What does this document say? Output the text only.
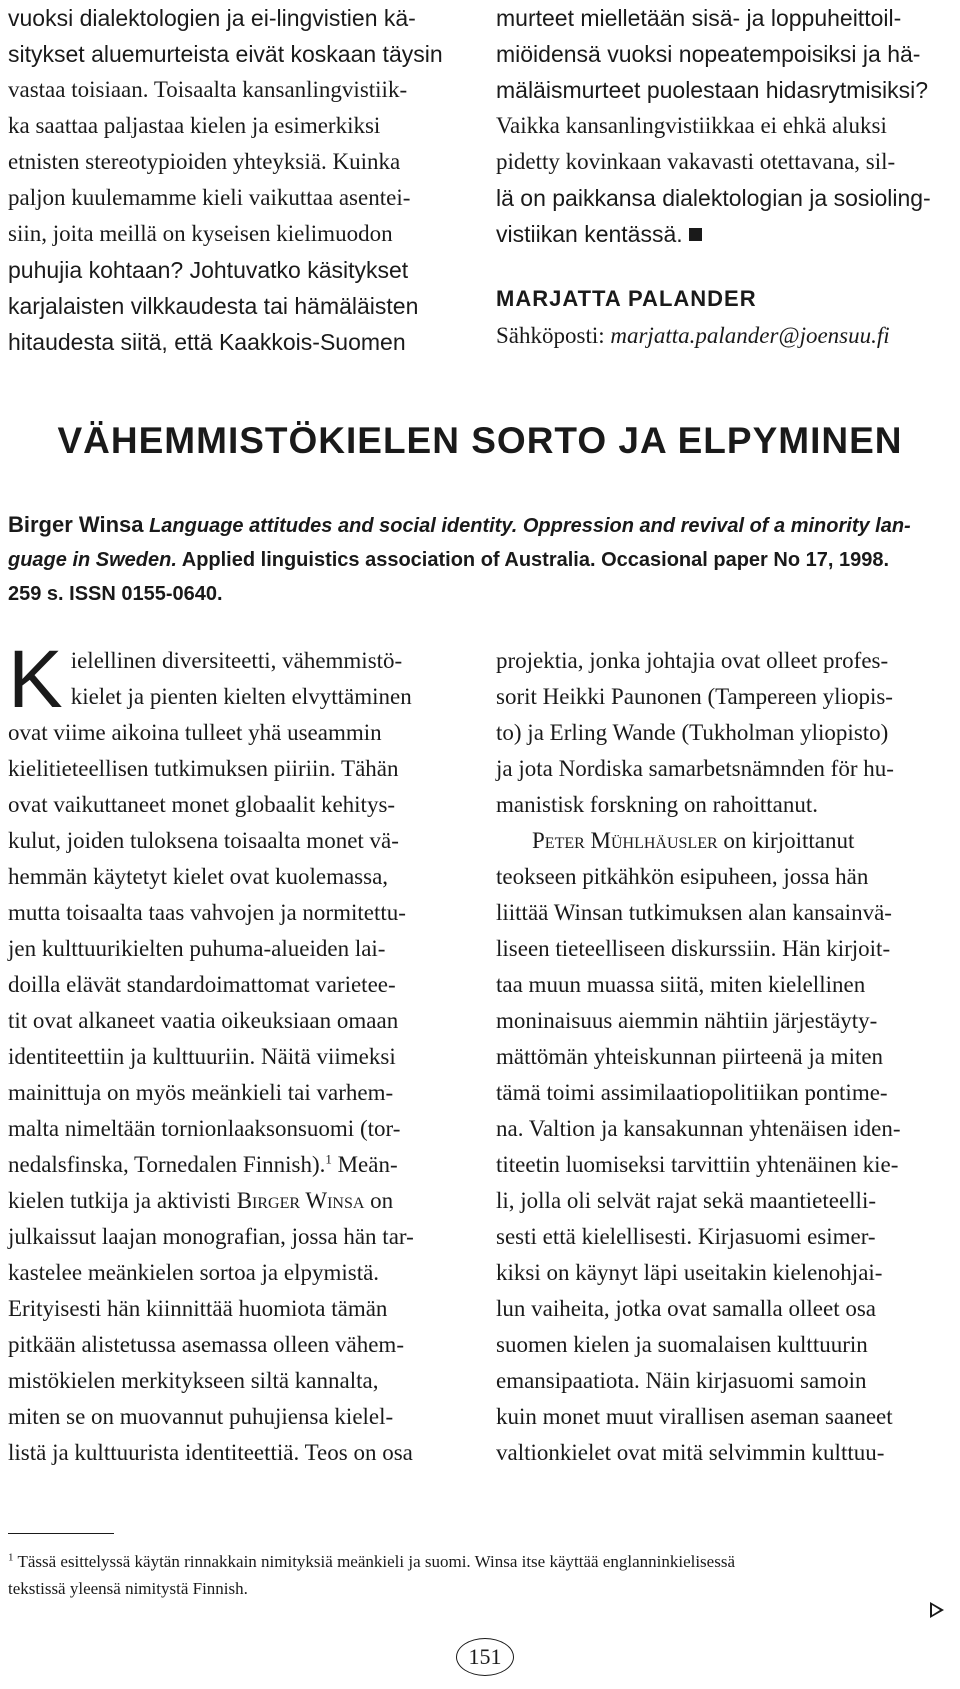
vuoksi dialektologien ja ei-lingvistien kä-

sitykset aluemurteista eivät koskaan täysin

vastaa toisiaan. Toisaalta kansanlingvistiik-

ka saattaa paljastaa kielen ja esimerkiksi

etnisten stereotypioiden yhteyksiä. Kuinka

paljon kuulemamme kieli vaikuttaa asentei-

siin, joita meillä on kyseisen kielimuodon

puhujia kohtaan? Johtuvatko käsitykset

karjalaisten vilkkaudesta tai hämäläisten

hitaudesta siitä, että Kaakkois-Suomen

murteet mielletään sisä- ja loppuheittoil-

miöidensä vuoksi nopeatempoisiksi ja hä-

mäläismurteet puolestaan hidasrytmisiksi?

Vaikka kansanlingvistiikkaa ei ehkä aluksi

pidetty kovinkaan vakavasti otettavana, sil-

lä on paikkansa dialektologian ja sosioling-

vistiikan kentässä.

MARJATTA PALANDER
Sähköposti: marjatta.palander@joensuu.fi
VÄHEMMISTÖKIELEN SORTO JA ELPYMINEN
Birger Winsa Language attitudes and social identity. Oppression and revival of a minority lan-
guage in Sweden. Applied linguistics association of Australia. Occasional paper No 17, 1998.
259 s. ISSN 0155-0640.
K ielellinen diversiteetti, vähemmistö-

kielet ja pienten kielten elvyttäminen

ovat viime aikoina tulleet yhä useammin

kielitieteellisen tutkimuksen piiriin. Tähän

ovat vaikuttaneet monet globaalit kehitys-

kulut, joiden tuloksena toisaalta monet vä-

hemmän käytetyt kielet ovat kuolemassa,

mutta toisaalta taas vahvojen ja normitettu-

jen kulttuurikielten puhuma-alueiden lai-

doilla elävät standardoimattomat varietee-

tit ovat alkaneet vaatia oikeuksiaan omaan

identiteettiin ja kulttuuriin. Näitä viimeksi

mainittuja on myös meänkieli tai varhem-

malta nimeltään tornionlaaksonsuomi (tor-

nedalsfinska, Tornedalen Finnish).$^1$ Meän-

kielen tutkija ja aktivisti Birger Winsa on

julkaissut laajan monografian, jossa hän tar-

kastelee meänkielen sortoa ja elpymistä.

Erityisesti hän kiinnittää huomiota tämän

pitkään alistetussa asemassa olleen vähem-

mistökielen merkitykseen siltä kannalta,

miten se on muovannut puhujiensa kielel-

listä ja kulttuurista identiteettiä. Teos on osa

projektia, jonka johtajia ovat olleet profes-

sorit Heikki Paunonen (Tampereen yliopis-

to) ja Erling Wande (Tukholman yliopisto)

ja jota Nordiska samarbetsnämnden för hu-

manistisk forskning on rahoittanut.

Peter Mühlhäusler on kirjoittanut

teokseen pitkähkön esipuheen, jossa hän

liittää Winsan tutkimuksen alan kansainvä-

liseen tieteelliseen diskurssiin. Hän kirjoit-

taa muun muassa siitä, miten kielellinen

moninaisuus aiemmin nähtiin järjestäyty-

mättömän yhteiskunnan piirteenä ja miten

tämä toimi assimilaatiopolitiikan pontime-

na. Valtion ja kansakunnan yhtenäisen iden-

titeetin luomiseksi tarvittiin yhtenäinen kie-

li, jolla oli selvät rajat sekä maantieteelli-

sesti että kielellisesti. Kirjasuomi esimer-

kiksi on käynyt läpi useitakin kielenohjai-

lun vaiheita, jotka ovat samalla olleet osa

suomen kielen ja suomalaisen kulttuurin

emansipaatiota. Näin kirjasuomi samoin

kuin monet muut virallisen aseman saaneet

valtionkielet ovat mitä selvimmin kulttuu-

$^1$ Tässä esittelyssä käytän rinnakkain nimityksiä meänkieli ja suomi. Winsa itse käyttää englanninkielisessä
tekstissä yleensä nimitystä Finnish.
151
